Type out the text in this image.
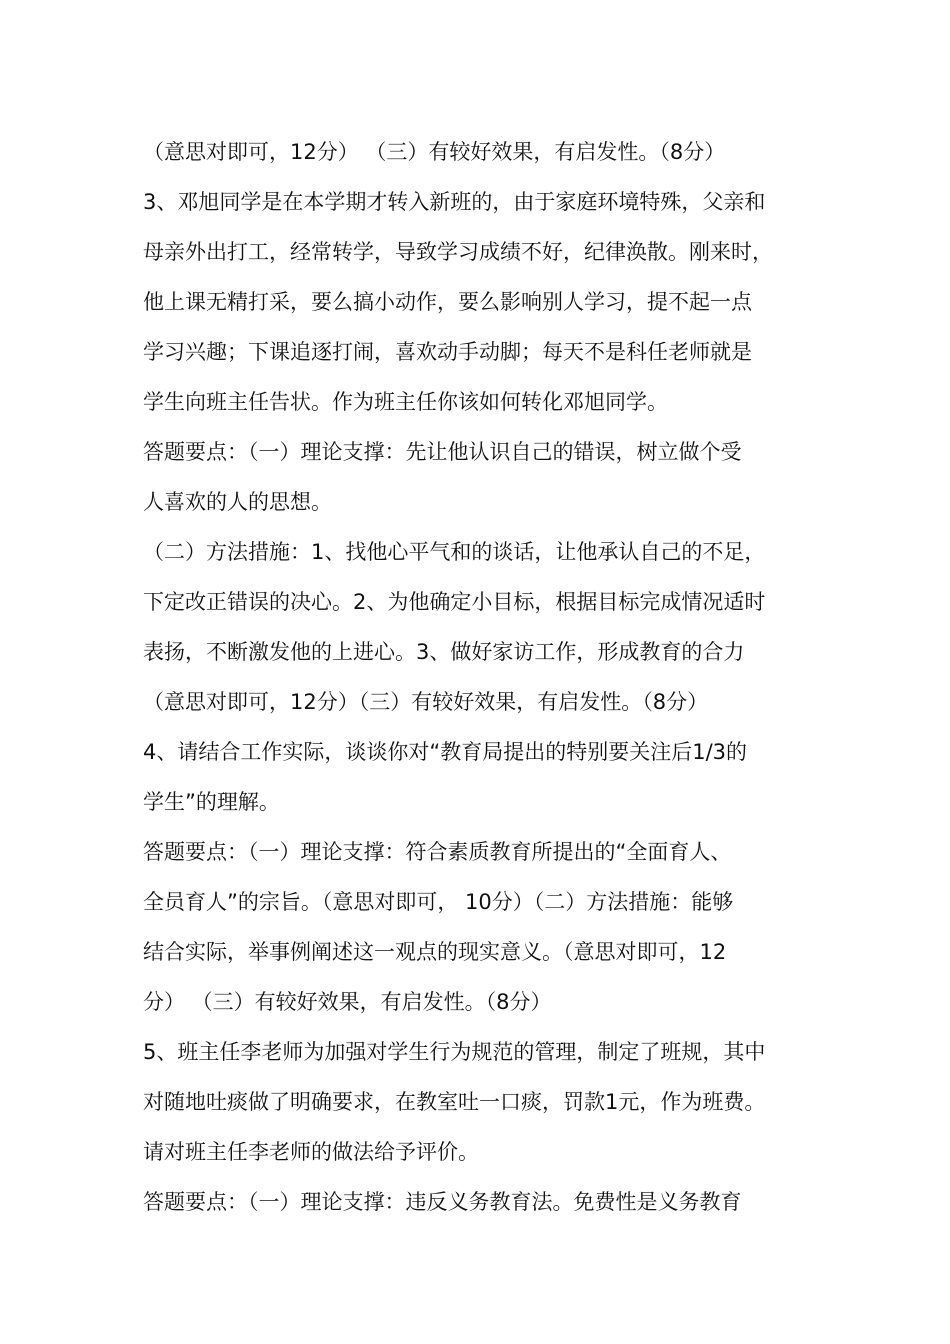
（意思对即可，12分） （三）有较好效果，有启发性。（8分）
3、邓旭同学是在本学期才转入新班的，由于家庭环境特殊，父亲和
母亲外出打工，经常转学，导致学习成绩不好，纪律涣散。刚来时，
他上课无精打采，要么搞小动作，要么影响别人学习，提不起一点
学习兴趣；下课追逐打闹，喜欢动手动脚；每天不是科任老师就是
学生向班主任告状。作为班主任你该如何转化邓旭同学。
答题要点：（一）理论支撑：先让他认识自己的错误，树立做个受
人喜欢的人的思想。
（二）方法措施：1、找他心平气和的谈话，让他承认自己的不足，
下定改正错误的决心。2、为他确定小目标，根据目标完成情况适时
表扬，不断激发他的上进心。3、做好家访工作，形成教育的合力
（意思对即可，12分）（三）有较好效果，有启发性。（8分）
4、请结合工作实际，谈谈你对“教育局提出的特别要关注后1/3的
学生”的理解。
答题要点：（一）理论支撑：符合素质教育所提出的“全面育人、
全员育人”的宗旨。（意思对即可， 10分）（二）方法措施：能够
结合实际，举事例阐述这一观点的现实意义。（意思对即可，12
分） （三）有较好效果，有启发性。（8分）
5、班主任李老师为加强对学生行为规范的管理，制定了班规，其中
对随地吐痰做了明确要求，在教室吐一口痰，罚款1元，作为班费。
请对班主任李老师的做法给予评价。
答题要点：（一）理论支撑：违反义务教育法。免费性是义务教育
